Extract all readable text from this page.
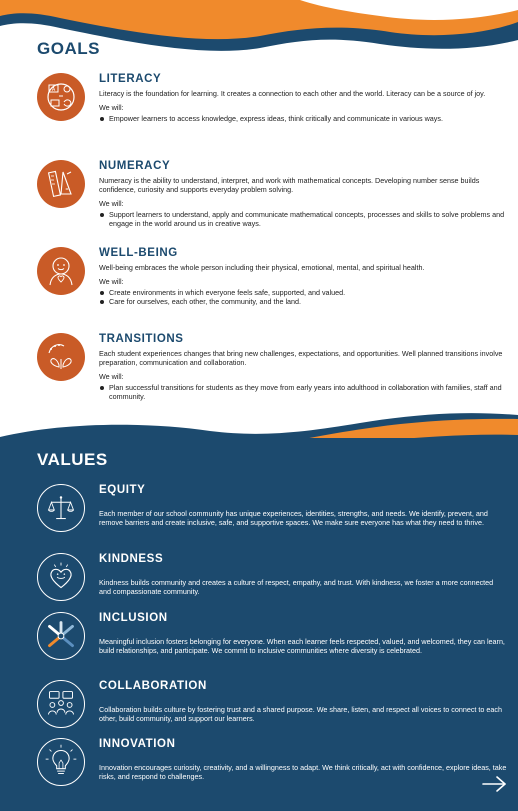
GOALS
A
LITERACY

Literacy is the foundation for learning. It creates a connection to each other and the world. Literacy can be a source of joy.

We will:

Empower learners to access knowledge, express ideas, think critically and communicate in various ways.
=
NUMERACY

Numeracy is the ability to understand, interpret, and work with mathematical concepts. Developing number sense builds confidence, curiosity and supports everyday problem solving.

We will:

Support learners to understand, apply and communicate mathematical concepts, processes and skills to solve problems and engage in the world around us in creative ways.
WELL-BEING

Well-being embraces the whole person including their physical, emotional, mental, and spiritual health.

We will:

Create environments in which everyone feels safe, supported, and valued.
Care for ourselves, each other, the community, and the land.
TRANSITIONS

Each student experiences changes that bring new challenges, expectations, and opportunities. Well planned transitions involve preparation, communication and collaboration.

We will:

Plan successful transitions for students as they move from early years into adulthood in collaboration with families, staff and community.
VALUES
EQUITY

Each member of our school community has unique experiences, identities, strengths, and needs. We identify, prevent, and remove barriers and create inclusive, safe, and supportive spaces. We make sure everyone has what they need to thrive.

KINDNESS

Kindness builds community and creates a culture of respect, empathy, and trust. With kindness, we foster a more connected and compassionate community.

INCLUSION

Meaningful inclusion fosters belonging for everyone. When each learner feels respected, valued, and welcomed, they can learn, build relationships, and participate. We commit to inclusive communities where diversity is celebrated.

COLLABORATION

Collaboration builds culture by fostering trust and a shared purpose. We share, listen, and respect all voices to connect to each other, build community, and support our learners.

INNOVATION

Innovation encourages curiosity, creativity, and a willingness to adapt. We think critically, act with confidence, explore ideas, take risks, and respond to challenges.
